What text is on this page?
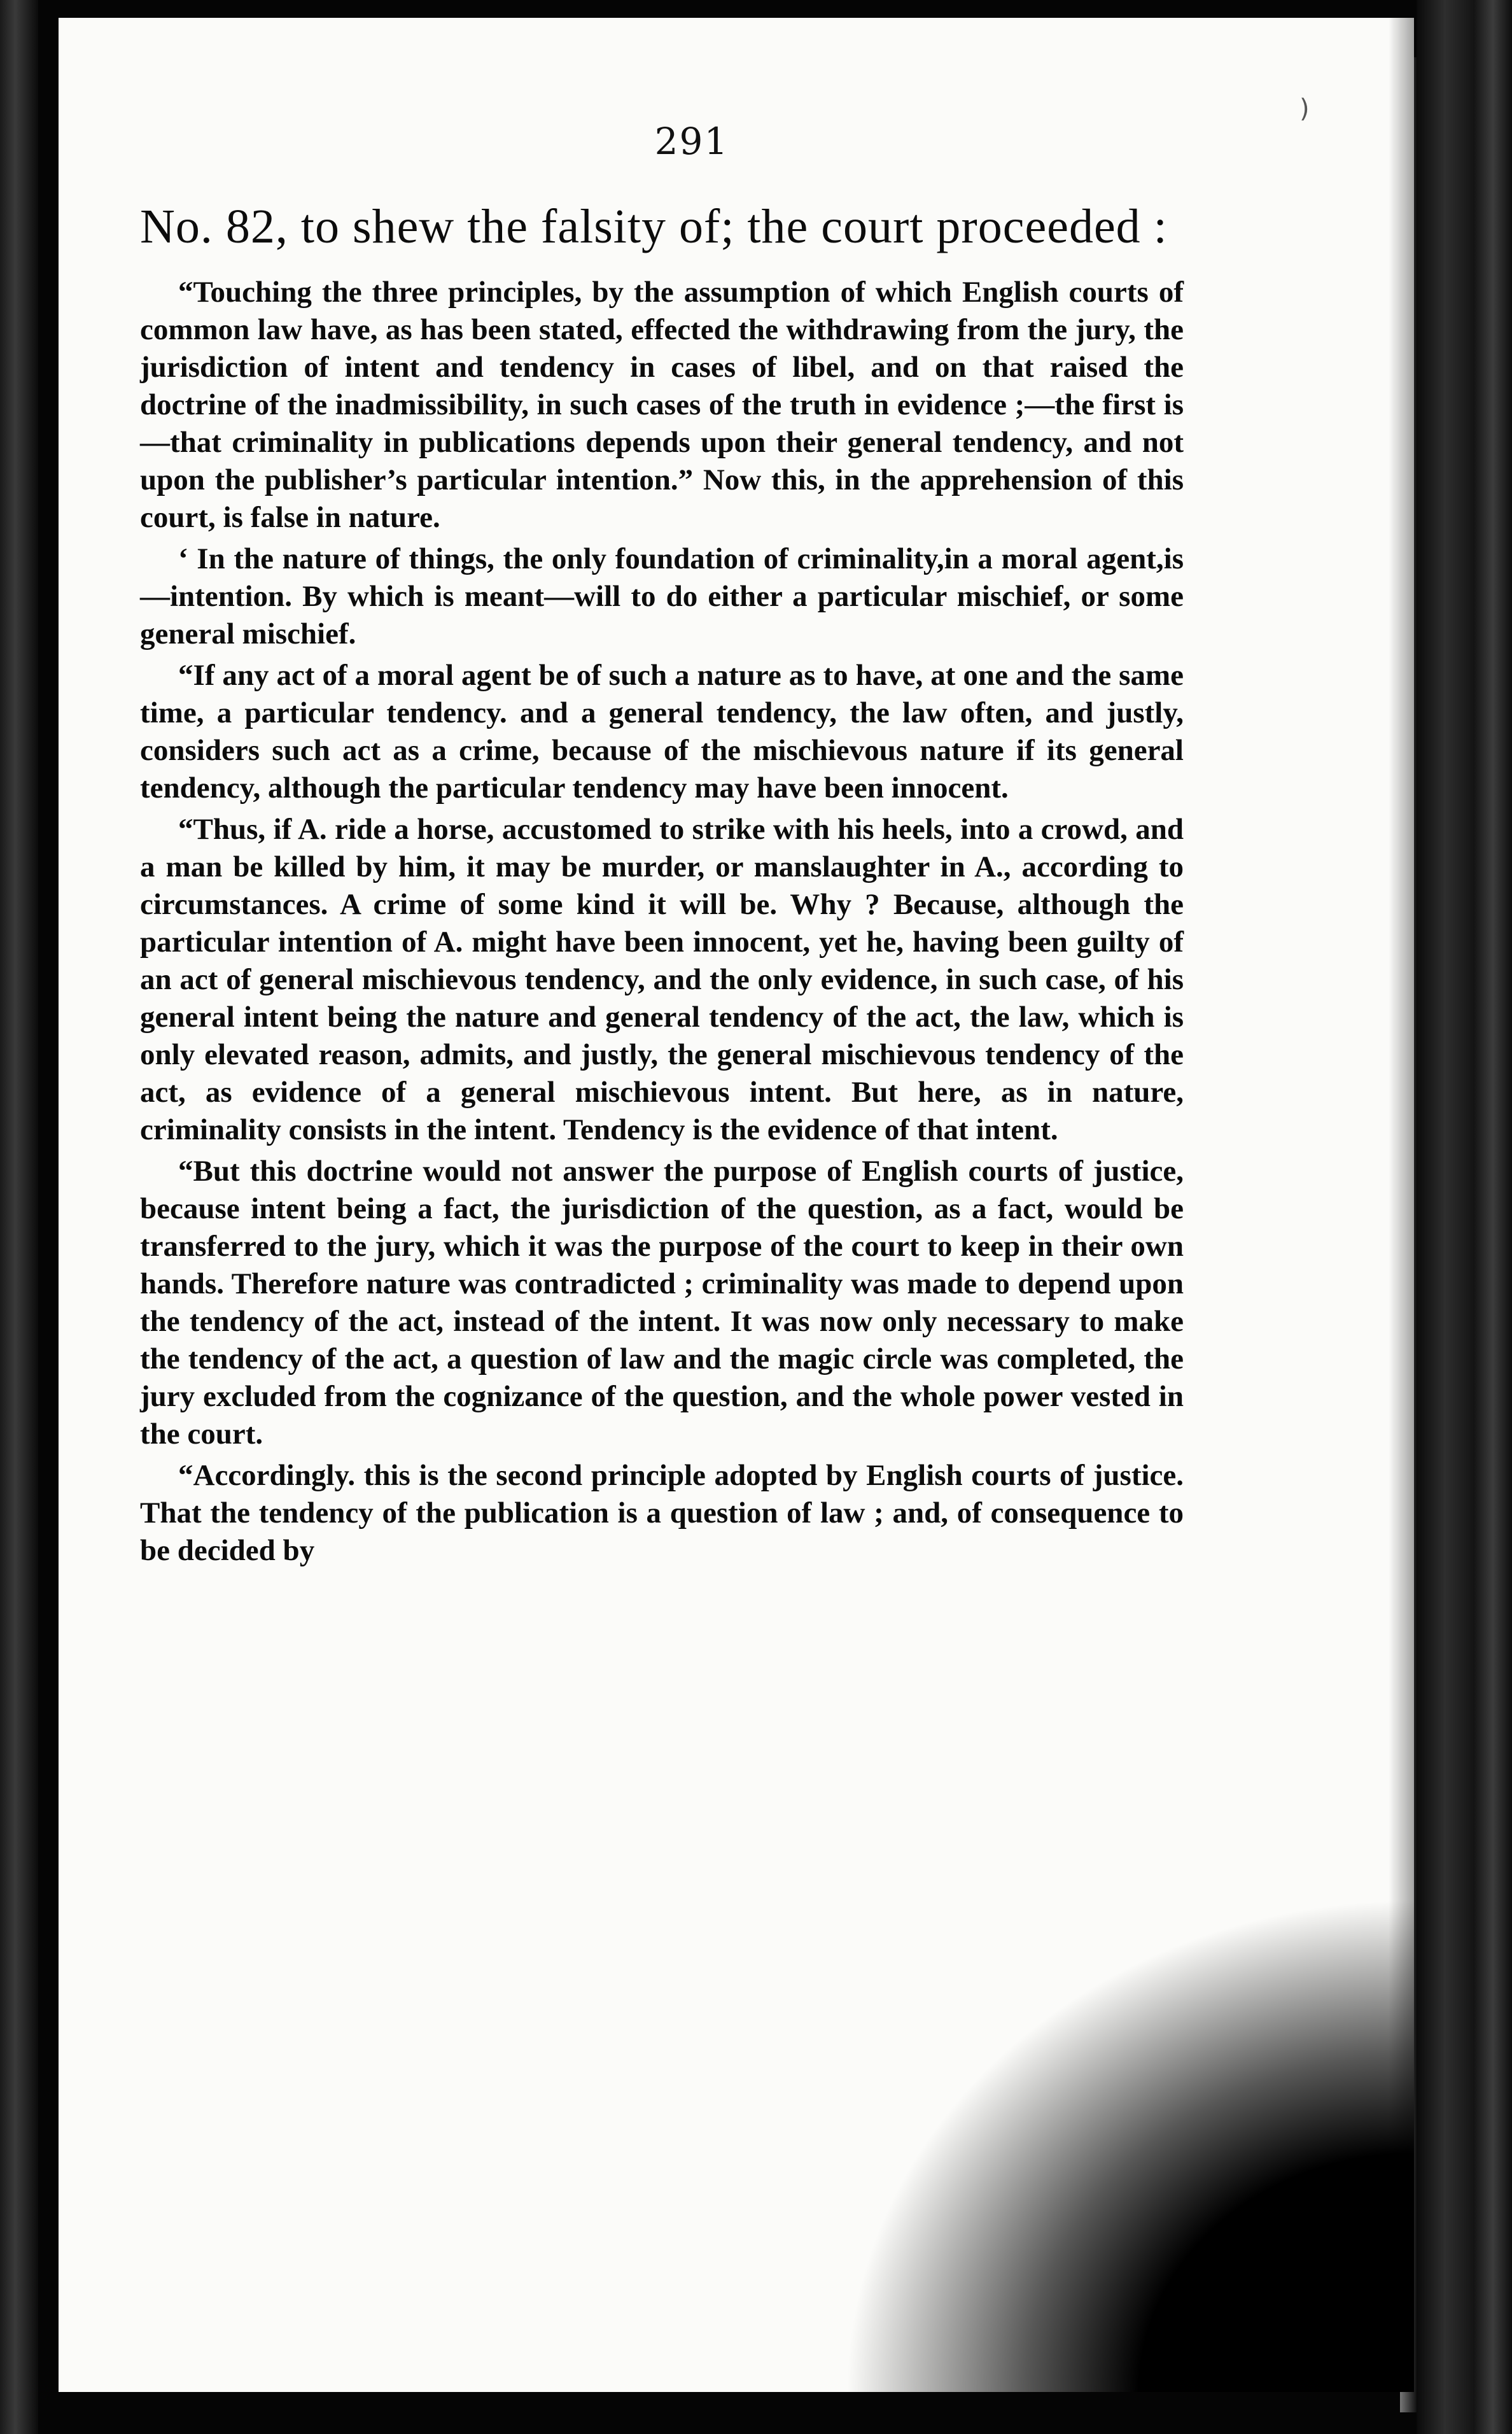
291

No. 82, to shew the falsity of; the court proceeded :

“Touching the three principles, by the assumption of which English courts of common law have, as has been stated, effected the withdrawing from the jury, the jurisdiction of intent and tendency in cases of libel, and on that raised the doctrine of the inadmissibility, in such cases of the truth in evidence ;—the first is—that criminality in publications depends upon their general tendency, and not upon the publisher’s particular intention.” Now this, in the apprehension of this court, is false in nature.

‘ In the nature of things, the only foundation of criminality,in a moral agent,is—intention. By which is meant—will to do either a particular mischief, or some general mischief.

“If any act of a moral agent be of such a nature as to have, at one and the same time, a particular tendency. and a general tendency, the law often, and justly, considers such act as a crime, because of the mischievous nature if its general tendency, although the particular tendency may have been innocent.

“Thus, if A. ride a horse, accustomed to strike with his heels, into a crowd, and a man be killed by him, it may be murder, or manslaughter in A., according to circumstances. A crime of some kind it will be. Why ? Because, although the particular intention of A. might have been innocent, yet he, having been guilty of an act of general mischievous tendency, and the only evidence, in such case, of his general intent being the nature and general tendency of the act, the law, which is only elevated reason, admits, and justly, the general mischievous tendency of the act, as evidence of a general mischievous intent. But here, as in nature, criminality consists in the intent. Tendency is the evidence of that intent.

“But this doctrine would not answer the purpose of English courts of justice, because intent being a fact, the jurisdiction of the question, as a fact, would be transferred to the jury, which it was the purpose of the court to keep in their own hands. Therefore nature was contradicted ; criminality was made to depend upon the tendency of the act, instead of the intent. It was now only necessary to make the tendency of the act, a question of law and the magic circle was completed, the jury excluded from the cognizance of the question, and the whole power vested in the court.

“Accordingly. this is the second principle adopted by English courts of justice. That the tendency of the publication is a question of law ; and, of consequence to be decided by

)
